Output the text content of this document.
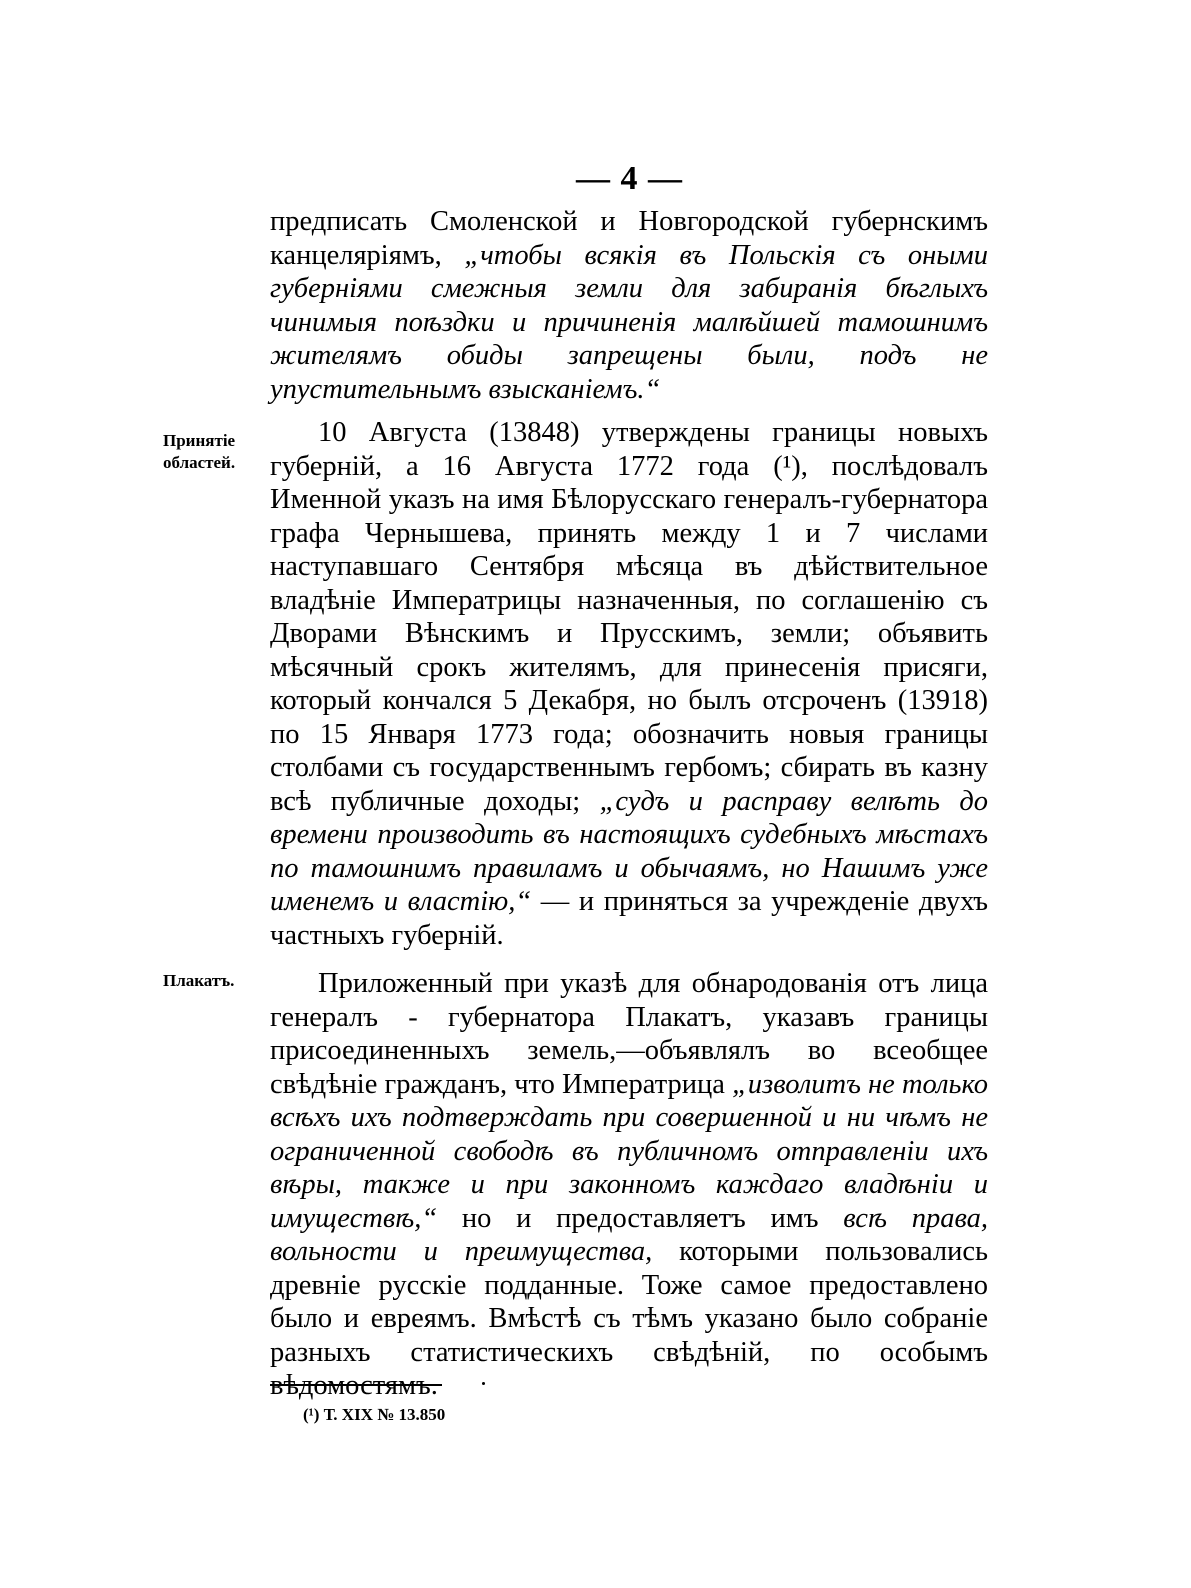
— 4 —
Принятіе
областей.
Плакатъ.

предписать Смоленской и Новгородской губернскимъ канцеляріямъ, „чтобы всякія въ Польскія съ оными губерніями смежныя земли для забиранія бѣглыхъ чинимыя поѣздки и причиненія малѣйшей тамошнимъ жителямъ обиды запрещены были, подъ не упустительнымъ взысканіемъ.“

10 Августа (13848) утверждены границы новыхъ губерній, а 16 Августа 1772 года (¹), послѣдовалъ Именной указъ на имя Бѣлорусскаго генералъ-губернатора графа Чернышева, принять между 1 и 7 числами наступавшаго Сентября мѣсяца въ дѣйствительное владѣніе Императрицы назначенныя, по соглашенію съ Дворами Вѣнскимъ и Прусскимъ, земли; объявить мѣсячный срокъ жителямъ, для принесенія присяги, который кончался 5 Декабря, но былъ отсроченъ (13918) по 15 Января 1773 года; обозначить новыя границы столбами съ государственнымъ гербомъ; сбирать въ казну всѣ публичные доходы; „судъ и расправу велѣть до времени производить въ настоящихъ судебныхъ мѣстахъ по тамошнимъ правиламъ и обычаямъ, но Нашимъ уже именемъ и властію,“ — и приняться за учрежденіе двухъ частныхъ губерній.

Приложенный при указѣ для обнародованія отъ лица генералъ - губернатора Плакатъ, указавъ границы присоединенныхъ земель,—объявлялъ во всеобщее свѣдѣніе гражданъ, что Императрица „изволитъ не только всѣхъ ихъ подтверждать при совершенной и ни чѣмъ не ограниченной свободѣ въ публичномъ отправленіи ихъ вѣры, также и при законномъ каждаго владѣніи и имуществѣ,“ но и предоставляетъ имъ всѣ права, вольности и преимущества, которыми пользовались древніе русскіе подданные. Тоже самое предоставлено было и евреямъ. Вмѣстѣ съ тѣмъ указано было собраніе разныхъ статистическихъ свѣдѣній, по особымъ вѣдомостямъ.

(¹) Т. XIX № 13.850
